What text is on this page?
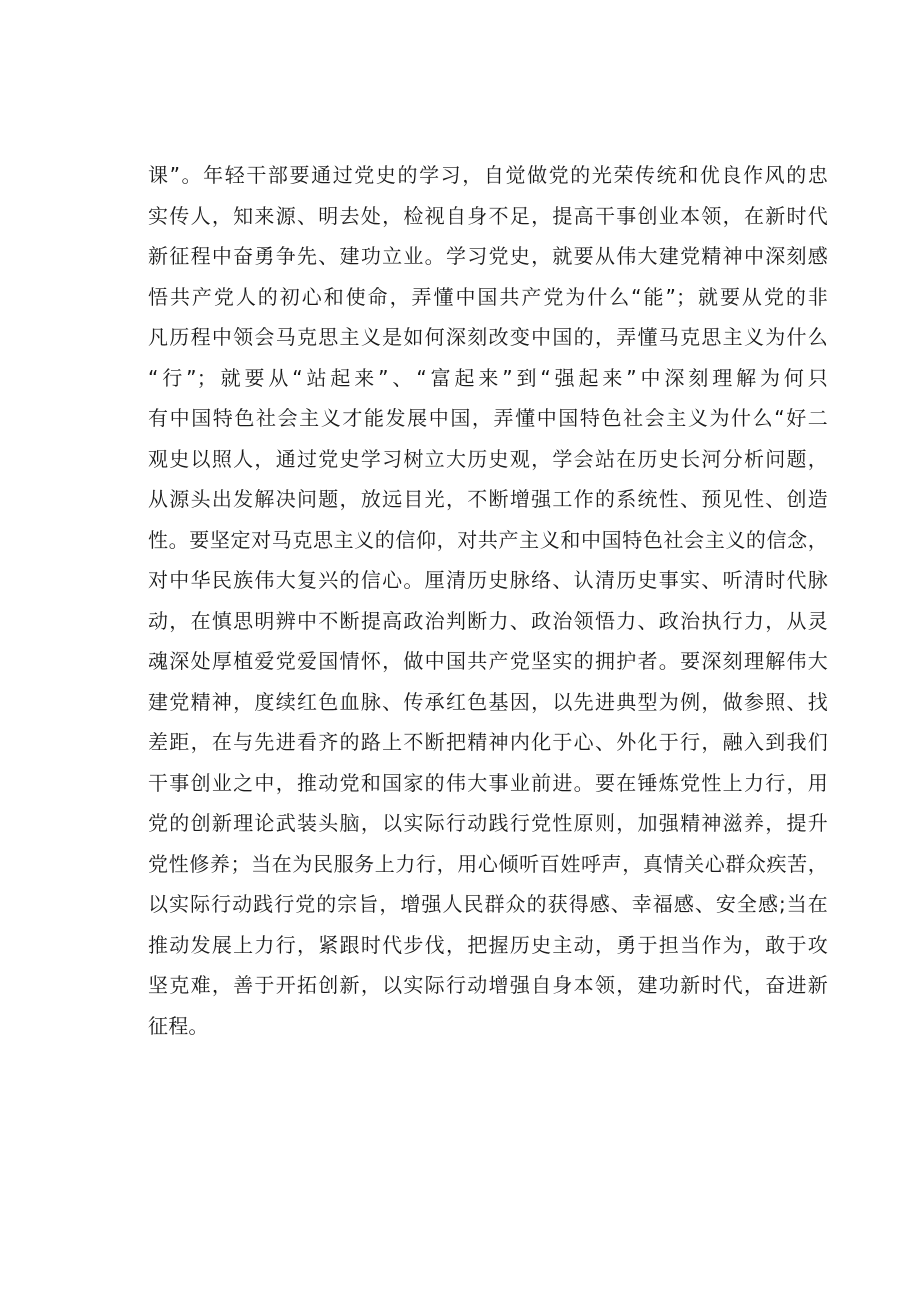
课”。年轻干部要通过党史的学习，自觉做党的光荣传统和优良作风的忠
实传人，知来源、明去处，检视自身不足，提高干事创业本领，在新时代
新征程中奋勇争先、建功立业。学习党史，就要从伟大建党精神中深刻感
悟共产党人的初心和使命，弄懂中国共产党为什么“能”；就要从党的非
凡历程中领会马克思主义是如何深刻改变中国的，弄懂马克思主义为什么
“行”；就要从“站起来”、“富起来”到“强起来”中深刻理解为何只
有中国特色社会主义才能发展中国，弄懂中国特色社会主义为什么“好二
观史以照人，通过党史学习树立大历史观，学会站在历史长河分析问题，
从源头出发解决问题，放远目光，不断增强工作的系统性、预见性、创造
性。要坚定对马克思主义的信仰，对共产主义和中国特色社会主义的信念，
对中华民族伟大复兴的信心。厘清历史脉络、认清历史事实、听清时代脉
动，在慎思明辨中不断提高政治判断力、政治领悟力、政治执行力，从灵
魂深处厚植爱党爱国情怀，做中国共产党坚实的拥护者。要深刻理解伟大
建党精神，度续红色血脉、传承红色基因，以先进典型为例，做参照、找
差距，在与先进看齐的路上不断把精神内化于心、外化于行，融入到我们
干事创业之中，推动党和国家的伟大事业前进。要在锤炼党性上力行，用
党的创新理论武装头脑，以实际行动践行党性原则，加强精神滋养，提升
党性修养；当在为民服务上力行，用心倾听百姓呼声，真情关心群众疾苦，
以实际行动践行党的宗旨，增强人民群众的获得感、幸福感、安全感;当在
推动发展上力行，紧跟时代步伐，把握历史主动，勇于担当作为，敢于攻
坚克难，善于开拓创新，以实际行动增强自身本领，建功新时代，奋进新
征程。
